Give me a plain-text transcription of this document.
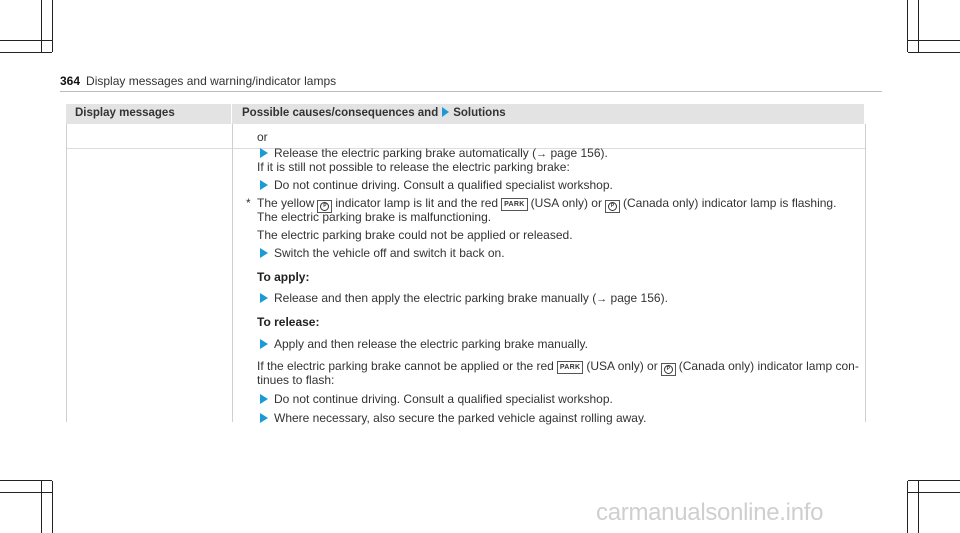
364 Display messages and warning/indicator lamps
Display messages	Possible causes/consequences and Solutions
or
Release the electric parking brake automatically (→ page 156).
If it is still not possible to release the electric parking brake:
Do not continue driving. Consult a qualified specialist workshop.
* The yellow P indicator lamp is lit and the red PARK (USA only) or P (Canada only) indicator lamp is flashing.
The electric parking brake is malfunctioning.
The electric parking brake could not be applied or released.
Switch the vehicle off and switch it back on.
To apply:
Release and then apply the electric parking brake manually (→ page 156).
To release:
Apply and then release the electric parking brake manually.
If the electric parking brake cannot be applied or the red PARK (USA only) or P (Canada only) indicator lamp con-
tinues to flash:
Do not continue driving. Consult a qualified specialist workshop.
Where necessary, also secure the parked vehicle against rolling away.
carmanualsonline.info
